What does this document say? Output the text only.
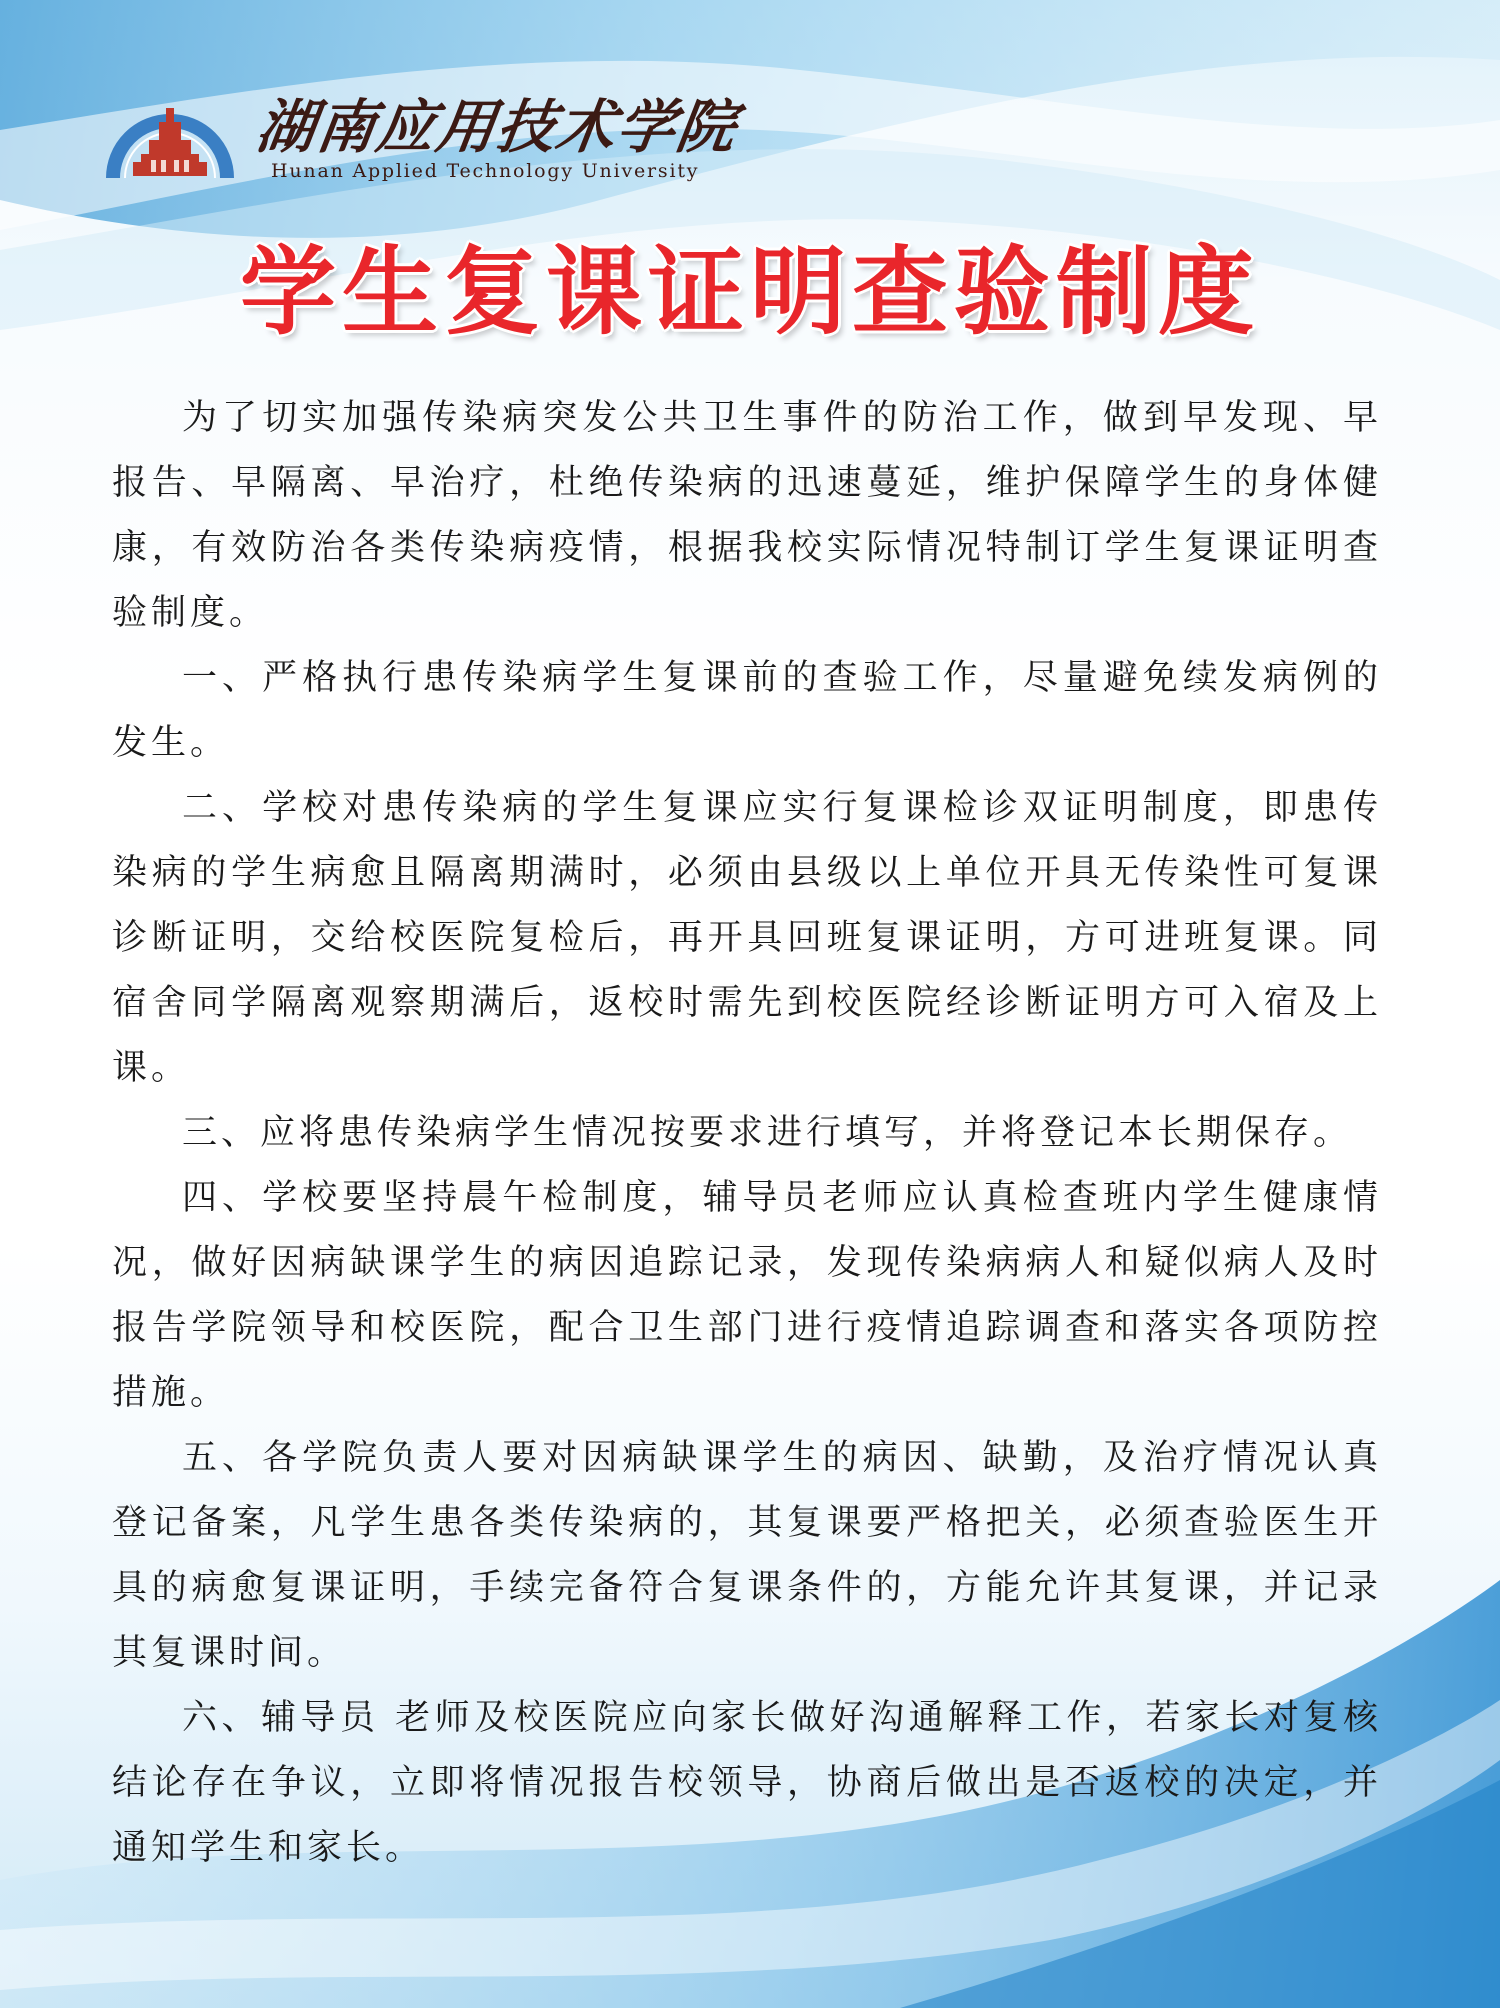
湖南应用技术学院
Hunan Applied Technology University
学生复课证明查验制度

为了切实加强传染病突发公共卫生事件的防治工作，做到早发现、早报告、早隔离、早治疗，杜绝传染病的迅速蔓延，维护保障学生的身体健康，有效防治各类传染病疫情，根据我校实际情况特制订学生复课证明查验制度。

一、严格执行患传染病学生复课前的查验工作，尽量避免续发病例的发生。

二、学校对患传染病的学生复课应实行复课检诊双证明制度，即患传染病的学生病愈且隔离期满时，必须由县级以上单位开具无传染性可复课诊断证明，交给校医院复检后，再开具回班复课证明，方可进班复课。同宿舍同学隔离观察期满后，返校时需先到校医院经诊断证明方可入宿及上课。

三、应将患传染病学生情况按要求进行填写，并将登记本长期保存。

四、学校要坚持晨午检制度，辅导员老师应认真检查班内学生健康情况，做好因病缺课学生的病因追踪记录，发现传染病病人和疑似病人及时报告学院领导和校医院，配合卫生部门进行疫情追踪调查和落实各项防控措施。

五、各学院负责人要对因病缺课学生的病因、缺勤，及治疗情况认真登记备案，凡学生患各类传染病的，其复课要严格把关，必须查验医生开具的病愈复课证明，手续完备符合复课条件的，方能允许其复课，并记录其复课时间。

六、辅导员 老师及校医院应向家长做好沟通解释工作，若家长对复核结论存在争议，立即将情况报告校领导，协商后做出是否返校的决定，并通知学生和家长。
